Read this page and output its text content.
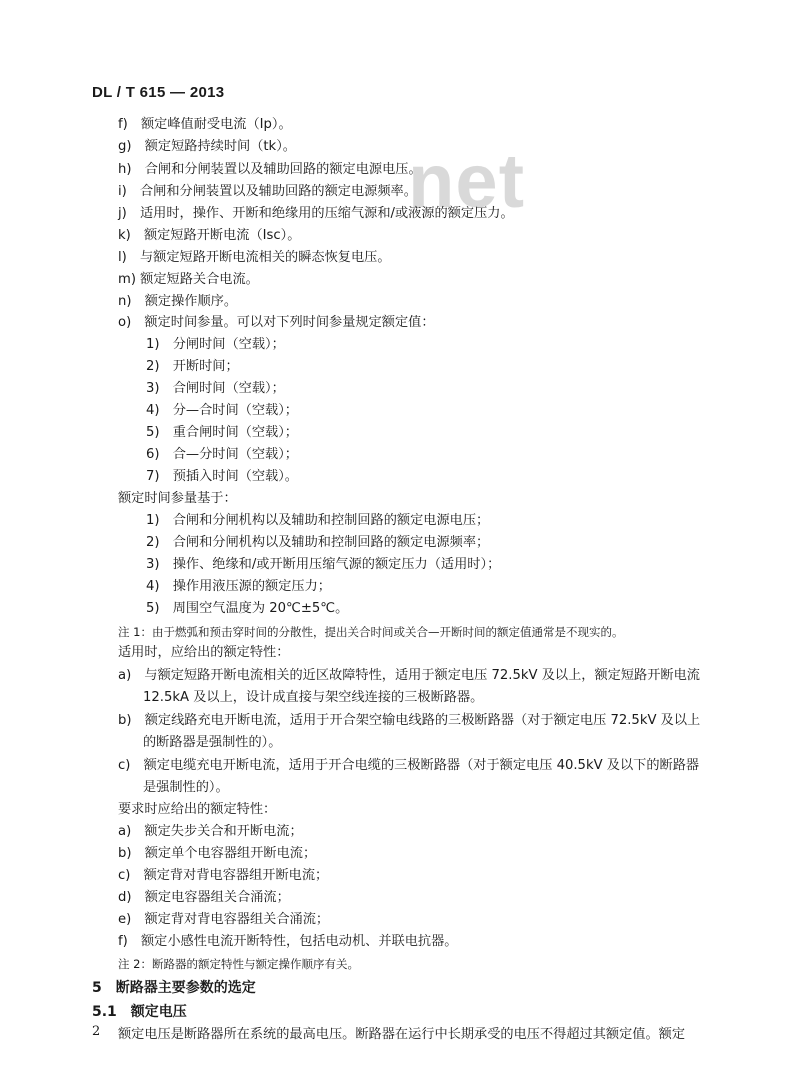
net
DL / T 615 — 2013
f)　额定峰值耐受电流（Ip）。
g)　额定短路持续时间（tk）。
h)　合闸和分闸装置以及辅助回路的额定电源电压。
i)　合闸和分闸装置以及辅助回路的额定电源频率。
j)　适用时，操作、开断和绝缘用的压缩气源和/或液源的额定压力。
k)　额定短路开断电流（Isc）。
l)　与额定短路开断电流相关的瞬态恢复电压。
m) 额定短路关合电流。
n)　额定操作顺序。
o)　额定时间参量。可以对下列时间参量规定额定值：
1)　分闸时间（空载）；
2)　开断时间；
3)　合闸时间（空载）；
4)　分—合时间（空载）；
5)　重合闸时间（空载）；
6)　合—分时间（空载）；
7)　预插入时间（空载）。
额定时间参量基于：
1)　合闸和分闸机构以及辅助和控制回路的额定电源电压；
2)　合闸和分闸机构以及辅助和控制回路的额定电源频率；
3)　操作、绝缘和/或开断用压缩气源的额定压力（适用时）；
4)　操作用液压源的额定压力；
5)　周围空气温度为 20℃±5℃。
注 1：由于燃弧和预击穿时间的分散性，提出关合时间或关合—开断时间的额定值通常是不现实的。
适用时，应给出的额定特性：
a)　与额定短路开断电流相关的近区故障特性，适用于额定电压 72.5kV 及以上，额定短路开断电流
12.5kA 及以上，设计成直接与架空线连接的三极断路器。
b)　额定线路充电开断电流，适用于开合架空输电线路的三极断路器（对于额定电压 72.5kV 及以上
的断路器是强制性的）。
c)　额定电缆充电开断电流，适用于开合电缆的三极断路器（对于额定电压 40.5kV 及以下的断路器
是强制性的）。
要求时应给出的额定特性：
a)　额定失步关合和开断电流；
b)　额定单个电容器组开断电流；
c)　额定背对背电容器组开断电流；
d)　额定电容器组关合涌流；
e)　额定背对背电容器组关合涌流；
f)　额定小感性电流开断特性，包括电动机、并联电抗器。
注 2：断路器的额定特性与额定操作顺序有关。
5　断路器主要参数的选定
5.1　额定电压
额定电压是断路器所在系统的最高电压。断路器在运行中长期承受的电压不得超过其额定值。额定
2
